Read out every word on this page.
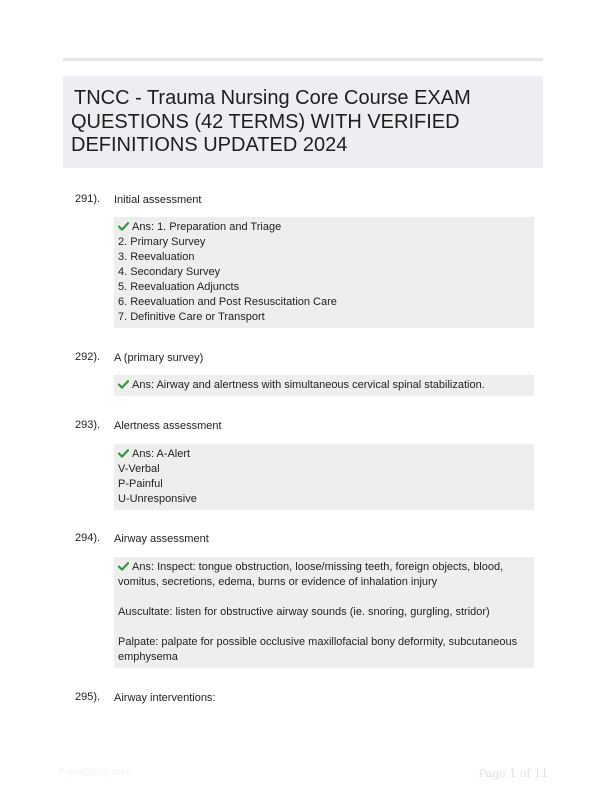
TNCC - Trauma Nursing Core Course EXAM
QUESTIONS (42 TERMS) WITH VERIFIED
DEFINITIONS UPDATED 2024
291).	Initial assessment
Ans: 1. Preparation and Triage
2. Primary Survey
3. Reevaluation
4. Secondary Survey
5. Reevaluation Adjuncts
6. Reevaluation and Post Resuscitation Care
7. Definitive Care or Transport
292).	A (primary survey)
Ans: Airway and alertness with simultaneous cervical spinal stabilization.
293).	Alertness assessment
Ans: A-Alert
V-Verbal
P-Painful
U-Unresponsive
294).	Airway assessment
Ans: Inspect: tongue obstruction, loose/missing teeth, foreign objects, blood, vomitus, secretions, edema, burns or evidence of inhalation injury
Auscultate: listen for obstructive airway sounds (ie. snoring, gurgling, stridor)
Palpate: palpate for possible occlusive maxillofacial bony deformity, subcutaneous emphysema
295).	Airway interventions:
PaperStudy.com	Page 1 of 11
